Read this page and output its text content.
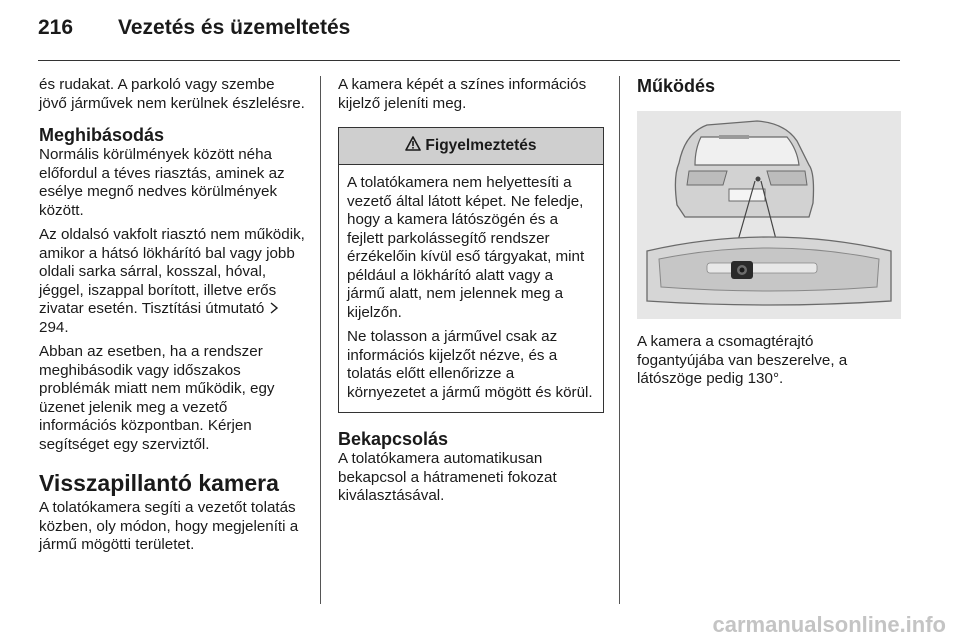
216 Vezetés és üzemeltetés

és rudakat. A parkoló vagy szembe jövő járművek nem kerülnek észlelésre.

Meghibásodás

Normális körülmények között néha előfordul a téves riasztás, aminek az esélye megnő nedves körülmények között.

Az oldalsó vakfolt riasztó nem működik, amikor a hátsó lökhárító bal vagy jobb oldali sarka sárral, kosszal, hóval, jéggel, iszappal borított, illetve erős zivatar esetén. Tisztítási útmutató  294.

Abban az esetben, ha a rendszer meghibásodik vagy időszakos problémák miatt nem működik, egy üzenet jelenik meg a vezető információs központban. Kérjen segítséget egy szerviztől.

Visszapillantó kamera

A tolatókamera segíti a vezetőt tolatás közben, oly módon, hogy megjeleníti a jármű mögötti területet.

A kamera képét a színes információs kijelző jeleníti meg.

Figyelmeztetés

A tolatókamera nem helyettesíti a vezető által látott képet. Ne feledje, hogy a kamera látószögén és a fejlett parkolássegítő rendszer érzékelőin kívül eső tárgyakat, mint például a lökhárító alatt vagy a jármű alatt, nem jelennek meg a kijelzőn.

Ne tolasson a járművel csak az információs kijelzőt nézve, és a tolatás előtt ellenőrizze a környezetet a jármű mögött és körül.

Bekapcsolás

A tolatókamera automatikusan bekapcsol a hátrameneti fokozat kiválasztásával.

Működés

A kamera a csomagtérajtó fogantyújába van beszerelve, a látószöge pedig 130°.

carmanualsonline.info
